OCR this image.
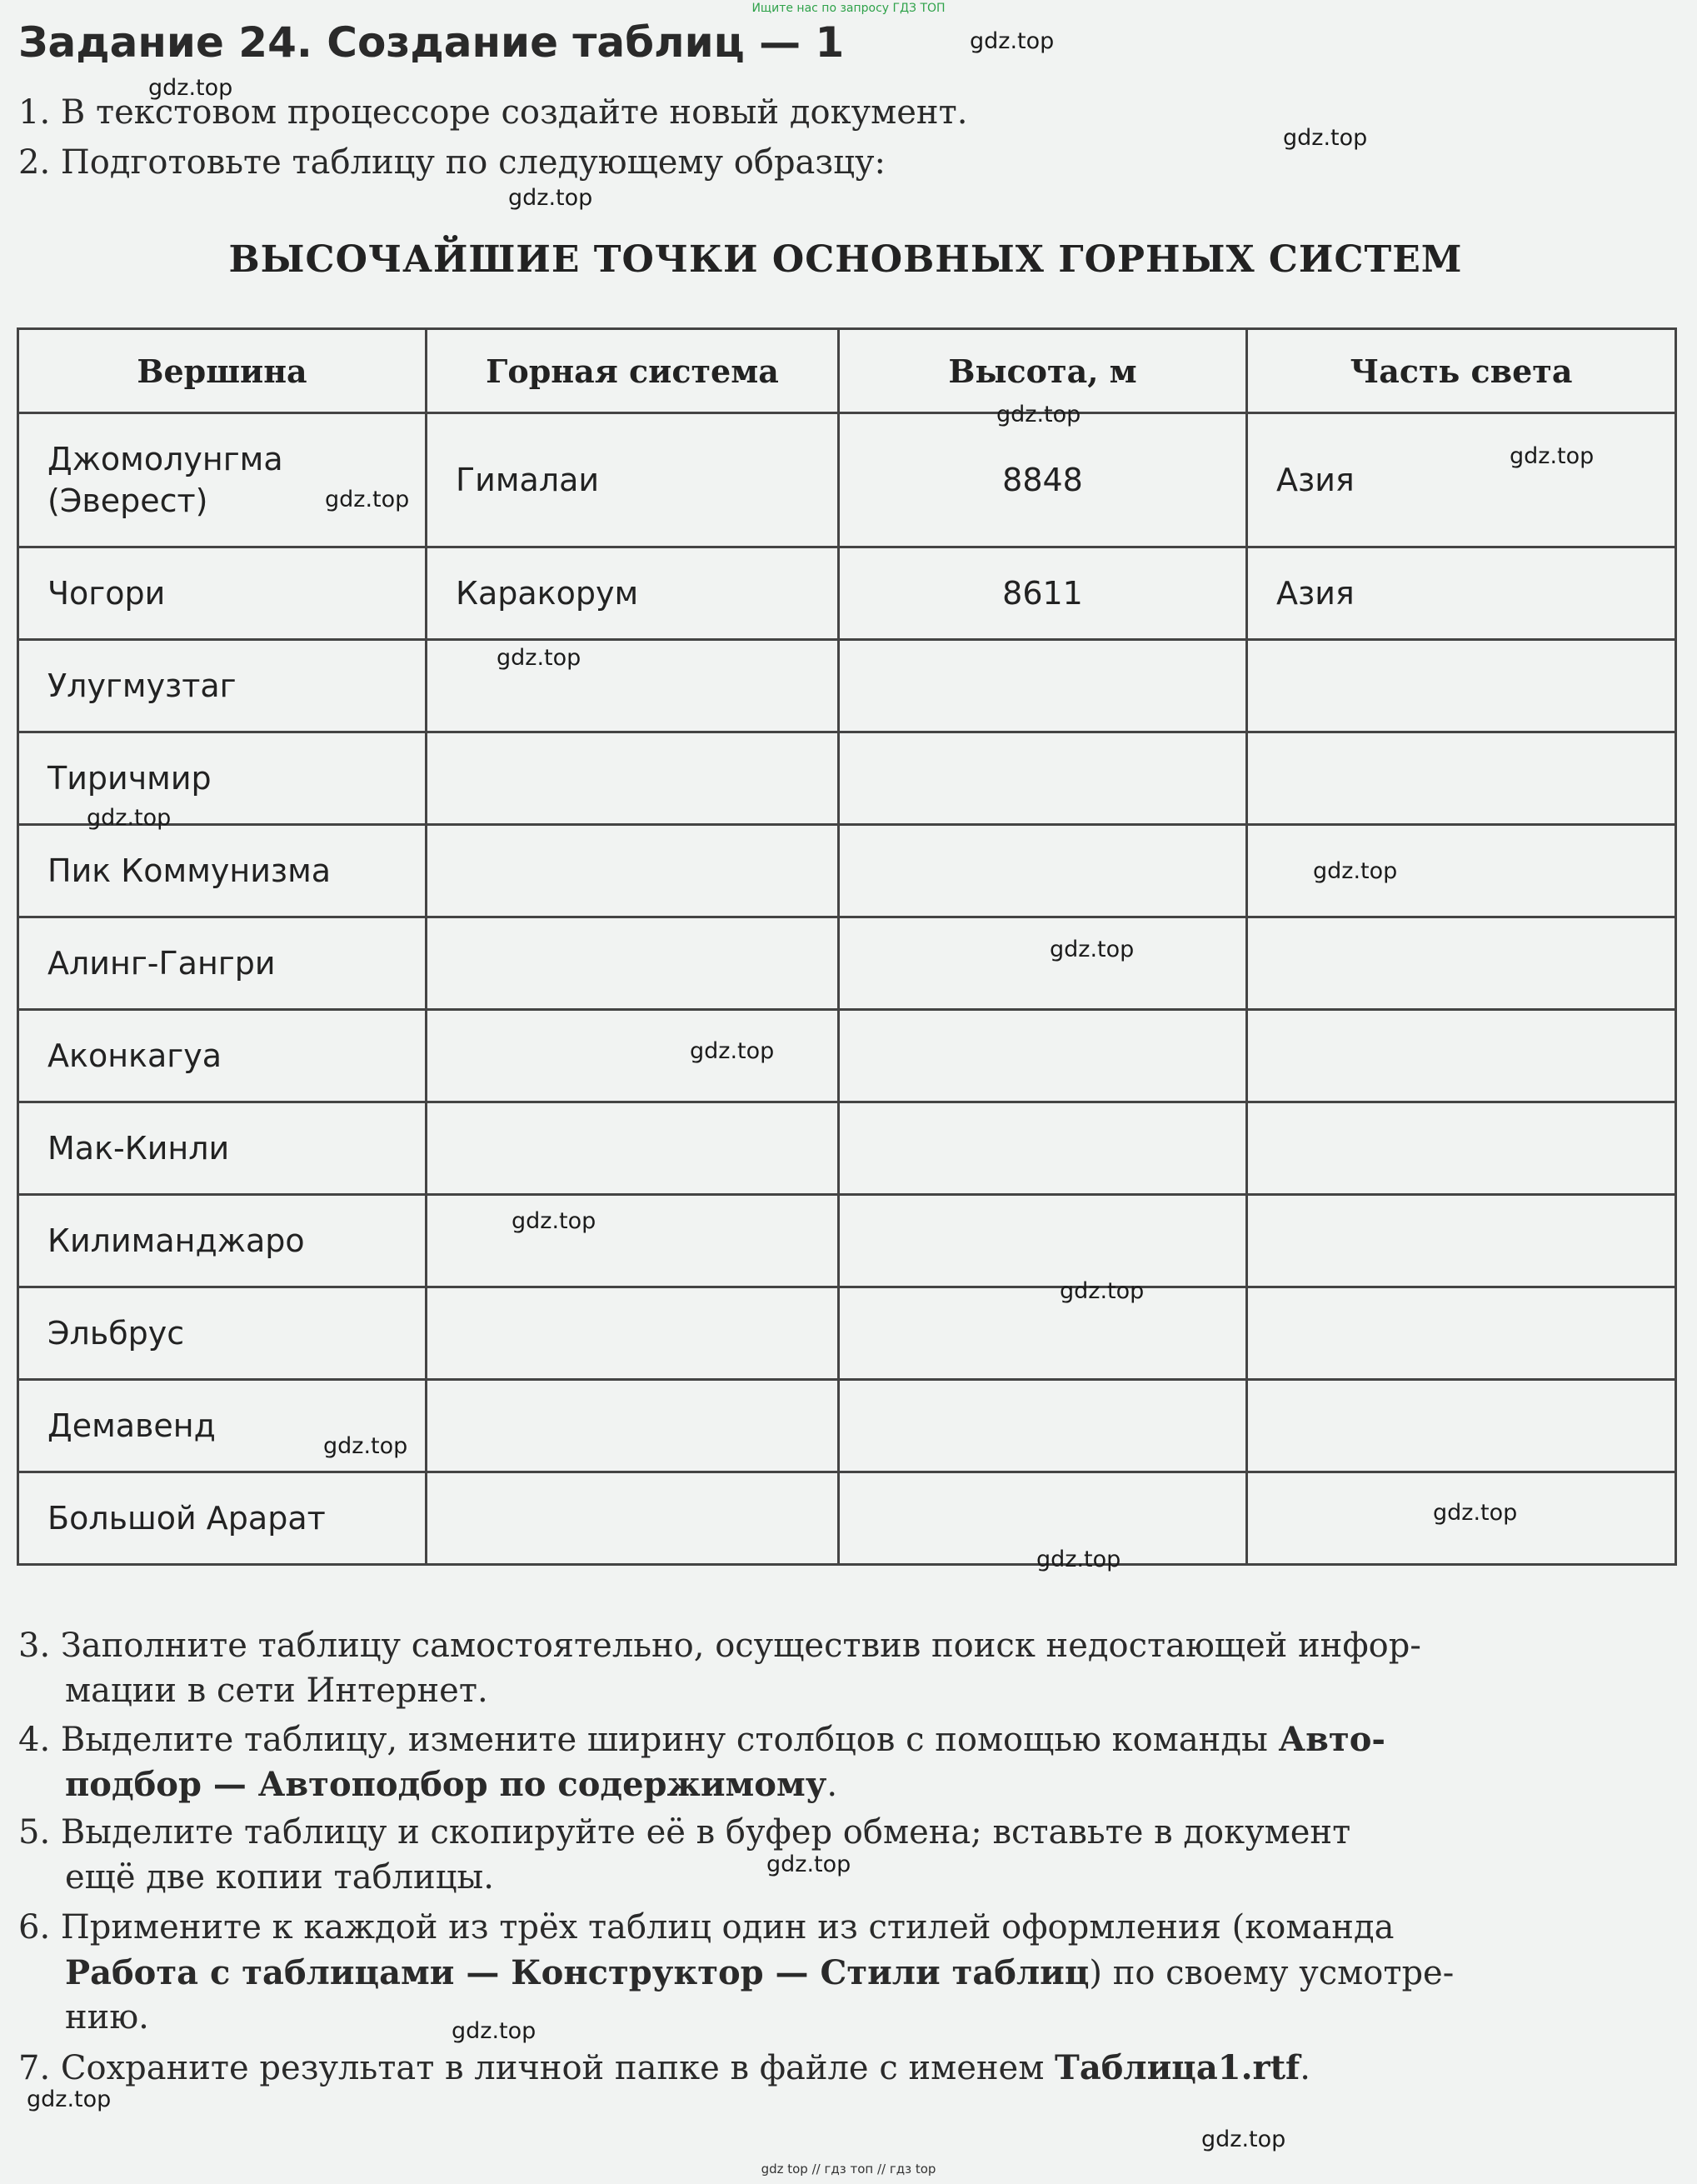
Ищите нас по запросу ГДЗ ТОП
Задание 24. Создание таблиц — 1
1. В текстовом процессоре создайте новый документ.
2. Подготовьте таблицу по следующему образцу:
ВЫСОЧАЙШИЕ ТОЧКИ ОСНОВНЫХ ГОРНЫХ СИСТЕМ
Вершина	Горная система	Высота, м	Часть света
Джомолунгма (Эверест)	Гималаи	8848	Азия
Чогори	Каракорум	8611	Азия
Улугмузтаг			
Тиричмир			
Пик Коммунизма			
Алинг-Гангри			
Аконкагуа			
Мак-Кинли			
Килиманджаро			
Эльбрус			
Демавенд			
Большой Арарат			
3. Заполните таблицу самостоятельно, осуществив поиск недостающей инфор-
мации в сети Интернет.
4. Выделите таблицу, измените ширину столбцов с помощью команды Авто-
подбор — Автоподбор по содержимому.
5. Выделите таблицу и скопируйте её в буфер обмена; вставьте в документ
ещё две копии таблицы.
6. Примените к каждой из трёх таблиц один из стилей оформления (команда
Работа с таблицами — Конструктор — Стили таблиц) по своему усмотре-
нию.
7. Сохраните результат в личной папке в файле с именем Таблица1.rtf.
gdz.top
gdz.top
gdz.top
gdz.top
gdz.top
gdz.top
gdz.top
gdz.top
gdz.top
gdz.top
gdz.top
gdz.top
gdz.top
gdz.top
gdz.top
gdz.top
gdz.top
gdz.top
gdz.top
gdz.top
gdz.top
gdz top // гдз топ // гдз top
